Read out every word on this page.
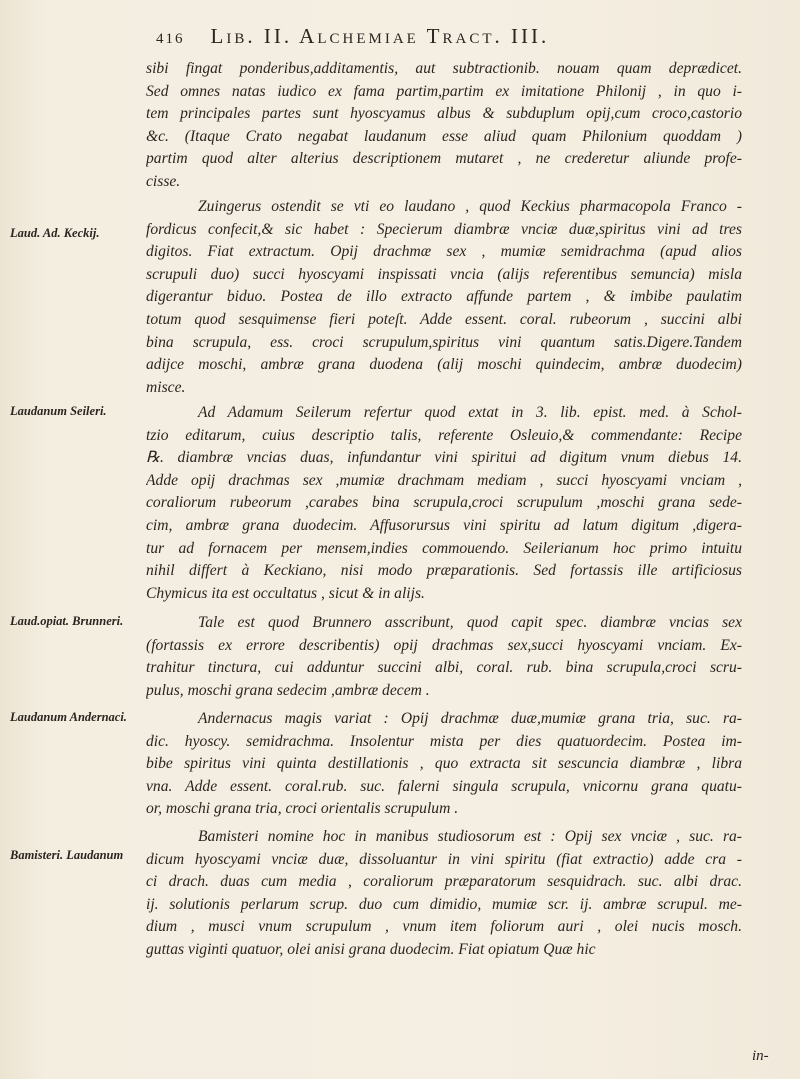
416 Lib. II. Alchemiae Tract. III.
sibi fingat ponderibus,additamentis, aut subtractionib. nouam quam deprædicet.
Sed omnes natas iudico ex fama partim,partim ex imitatione Philonij , in quo i-
tem principales partes sunt hyoscyamus albus & subduplum opij,cum croco,castorio
&c. (Itaque Crato negabat laudanum esse aliud quam Philonium quoddam )
partim quod alter alterius descriptionem mutaret , ne crederetur aliunde profe-
cisse.
Zuingerus ostendit se vti eo laudano , quod Keckius pharmacopola Franco -
fordicus confecit,& sic habet : Specierum diambræ vnciæ duæ,spiritus vini ad tres
digitos. Fiat extractum. Opij drachmæ sex , mumiæ semidrachma (apud alios
scrupuli duo) succi hyoscyami inspissati vncia (alijs referentibus semuncia) misla
digerantur biduo. Postea de illo extracto affunde partem , & imbibe paulatim
totum quod sesquimense fieri poteſt. Adde essent. coral. rubeorum , succini albi
bina scrupula, ess. croci scrupulum,spiritus vini quantum satis.Digere.Tandem
adijce moschi, ambræ grana duodena (alij moschi quindecim, ambræ duodecim)
misce.
Ad Adamum Seilerum refertur quod extat in 3. lib. epist. med. à Schol-
tzio editarum, cuius descriptio talis, referente Osleuio,& commendante: Recipe
℞. diambræ vncias duas, infundantur vini spiritui ad digitum vnum diebus 14.
Adde opij drachmas sex ,mumiæ drachmam mediam , succi hyoscyami vnciam ,
coraliorum rubeorum ,carabes bina scrupula,croci scrupulum ,moschi grana sede-
cim, ambræ grana duodecim. Affusorursus vini spiritu ad latum digitum ,digera-
tur ad fornacem per mensem,indies commouendo. Seilerianum hoc primo intuitu
nihil differt à Keckiano, nisi modo præparationis. Sed fortassis ille artificiosus
Chymicus ita est occultatus , sicut & in alijs.
Tale est quod Brunnero asscribunt, quod capit spec. diambræ vncias sex
(fortassis ex errore describentis) opij drachmas sex,succi hyoscyami vnciam. Ex-
trahitur tinctura, cui adduntur succini albi, coral. rub. bina scrupula,croci scru-
pulus, moschi grana sedecim ,ambræ decem .
Andernacus magis variat : Opij drachmæ duæ,mumiæ grana tria, suc. ra-
dic. hyoscy. semidrachma. Insolentur mista per dies quatuordecim. Postea im-
bibe spiritus vini quinta destillationis , quo extracta sit sescuncia diambræ , libra
vna. Adde essent. coral.rub. suc. falerni singula scrupula, vnicornu grana quatu-
or, moschi grana tria, croci orientalis scrupulum .
Bamisteri nomine hoc in manibus studiosorum est : Opij sex vnciæ , suc. ra-
dicum hyoscyami vnciæ duæ, dissoluantur in vini spiritu (fiat extractio) adde cra -
ci drach. duas cum media , coraliorum præparatorum sesquidrach. suc. albi drac.
ij. solutionis perlarum scrup. duo cum dimidio, mumiæ scr. ij. ambræ scrupul. me-
dium , musci vnum scrupulum , vnum item foliorum auri , olei nucis mosch.
guttas viginti quatuor, olei anisi grana duodecim. Fiat opiatum Quæ hic
Laud. Ad. Keckij.
Laudanum Seileri.
Laud.opiat. Brunneri.
Laudanum Andernaci.
Bamisteri. Laudanum
in-
